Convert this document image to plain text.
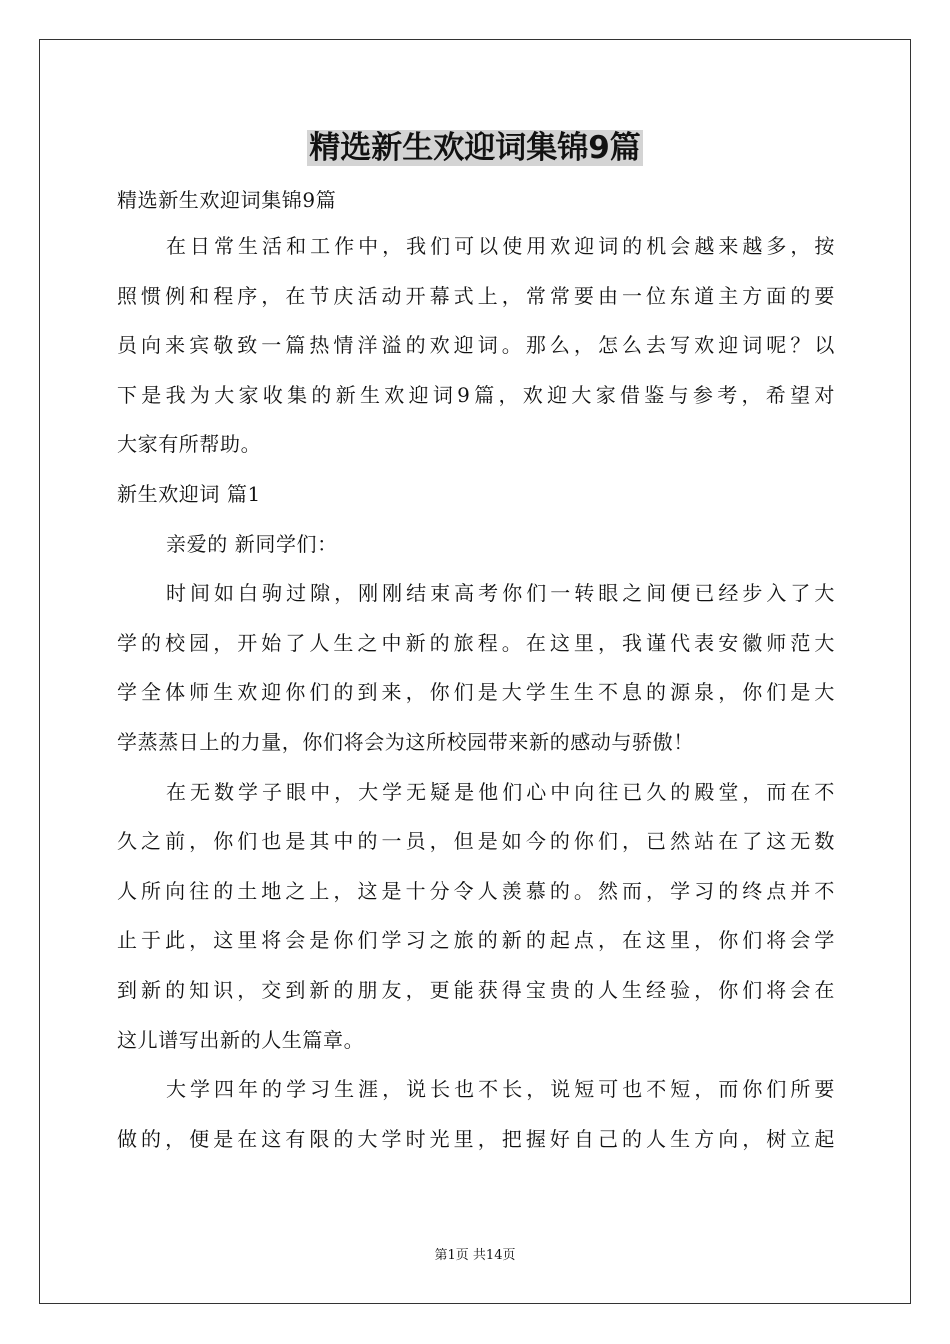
精选新生欢迎词集锦9篇
精选新生欢迎词集锦9篇
在日常生活和工作中，我们可以使用欢迎词的机会越来越多，按
照惯例和程序，在节庆活动开幕式上，常常要由一位东道主方面的要
员向来宾敬致一篇热情洋溢的欢迎词。那么，怎么去写欢迎词呢？以
下是我为大家收集的新生欢迎词9篇，欢迎大家借鉴与参考，希望对
大家有所帮助。
新生欢迎词 篇1
亲爱的 新同学们：
时间如白驹过隙，刚刚结束高考你们一转眼之间便已经步入了大
学的校园，开始了人生之中新的旅程。在这里，我谨代表安徽师范大
学全体师生欢迎你们的到来，你们是大学生生不息的源泉，你们是大
学蒸蒸日上的力量，你们将会为这所校园带来新的感动与骄傲！
在无数学子眼中，大学无疑是他们心中向往已久的殿堂，而在不
久之前，你们也是其中的一员，但是如今的你们，已然站在了这无数
人所向往的土地之上，这是十分令人羡慕的。然而，学习的终点并不
止于此，这里将会是你们学习之旅的新的起点，在这里，你们将会学
到新的知识，交到新的朋友，更能获得宝贵的人生经验，你们将会在
这儿谱写出新的人生篇章。
大学四年的学习生涯，说长也不长，说短可也不短，而你们所要
做的，便是在这有限的大学时光里，把握好自己的人生方向，树立起
第1页 共14页
